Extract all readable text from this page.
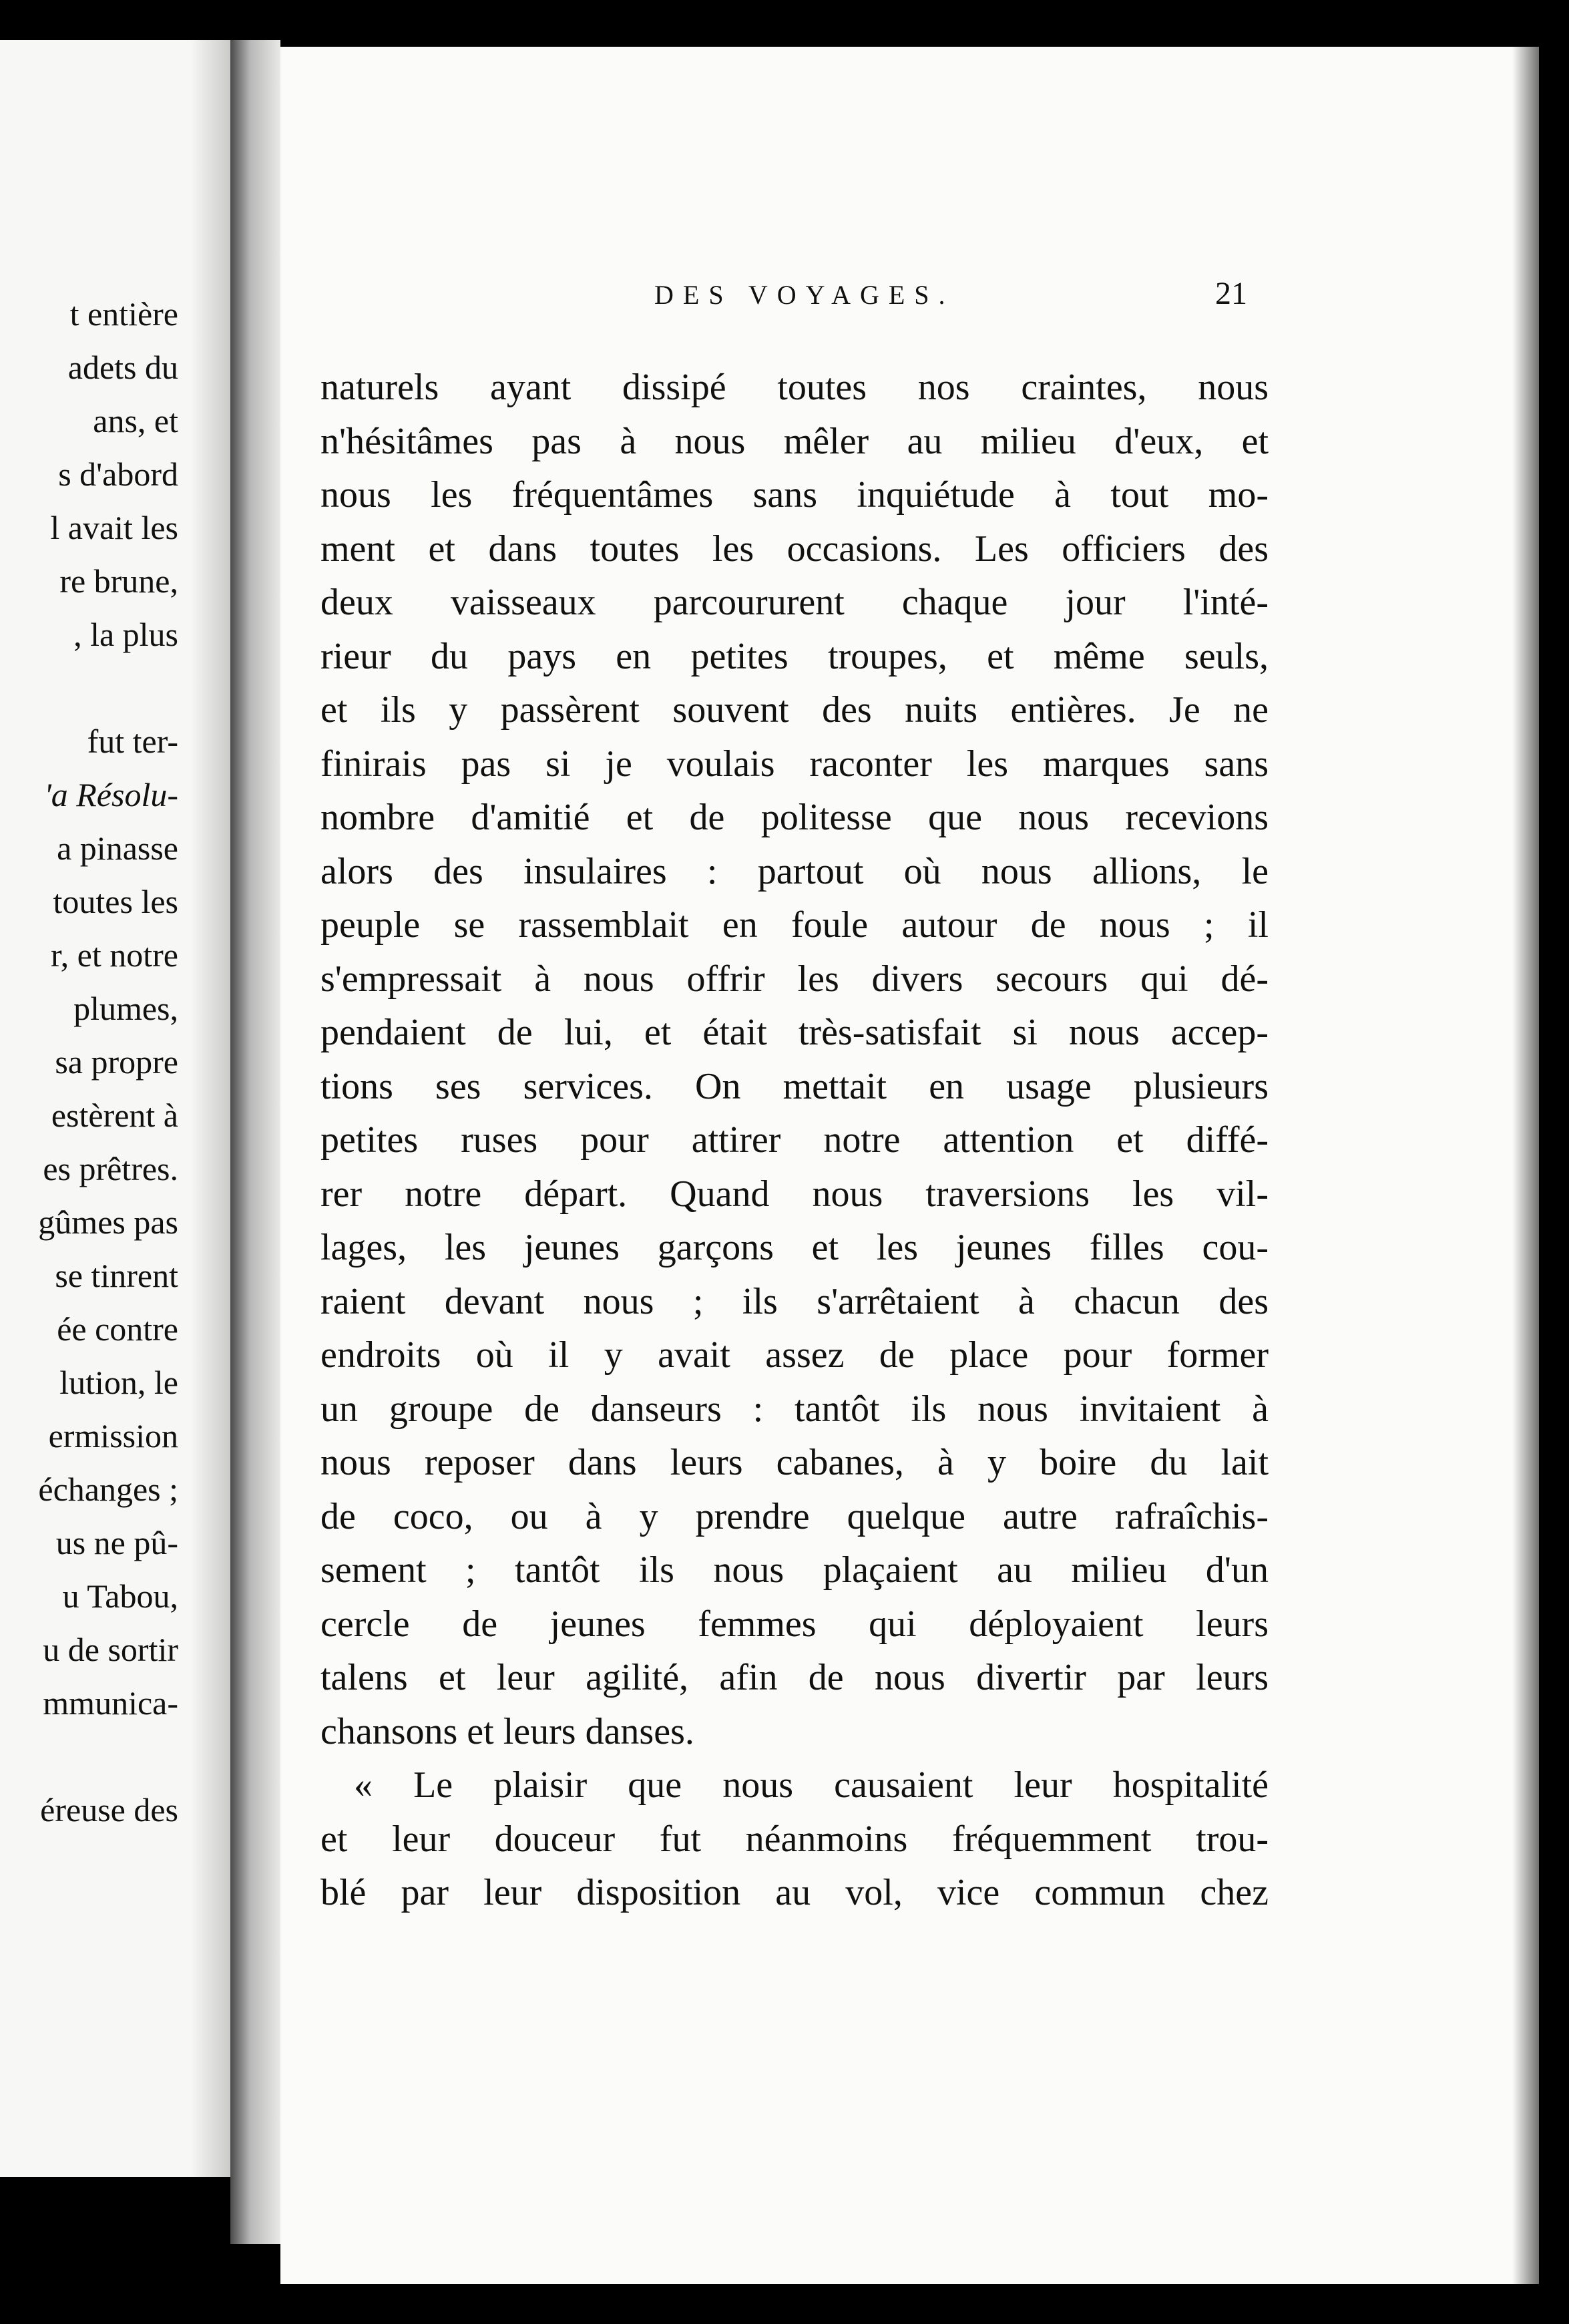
t entière
adets du
ans, et
s d'abord
l avait les
re brune,
, la plus
fut ter-
'a Résolu-
a pinasse
toutes les
r, et notre
plumes,
sa propre
estèrent à
es prêtres.
gûmes pas
se tinrent
ée contre
lution, le
ermission
échanges ;
us ne pû-
u Tabou,
u de sortir
mmunica-
éreuse des
DES VOYAGES.	21
naturels ayant dissipé toutes nos craintes, nous
n'hésitâmes pas à nous mêler au milieu d'eux, et
nous les fréquentâmes sans inquiétude à tout mo-
ment et dans toutes les occasions. Les officiers des
deux vaisseaux parcoururent chaque jour l'inté-
rieur du pays en petites troupes, et même seuls,
et ils y passèrent souvent des nuits entières. Je ne
finirais pas si je voulais raconter les marques sans
nombre d'amitié et de politesse que nous recevions
alors des insulaires : partout où nous allions, le
peuple se rassemblait en foule autour de nous ; il
s'empressait à nous offrir les divers secours qui dé-
pendaient de lui, et était très-satisfait si nous accep-
tions ses services. On mettait en usage plusieurs
petites ruses pour attirer notre attention et diffé-
rer notre départ. Quand nous traversions les vil-
lages, les jeunes garçons et les jeunes filles cou-
raient devant nous ; ils s'arrêtaient à chacun des
endroits où il y avait assez de place pour former
un groupe de danseurs : tantôt ils nous invitaient à
nous reposer dans leurs cabanes, à y boire du lait
de coco, ou à y prendre quelque autre rafraîchis-
sement ; tantôt ils nous plaçaient au milieu d'un
cercle de jeunes femmes qui déployaient leurs
talens et leur agilité, afin de nous divertir par leurs
chansons et leurs danses.
« Le plaisir que nous causaient leur hospitalité
et leur douceur fut néanmoins fréquemment trou-
blé par leur disposition au vol, vice commun chez
